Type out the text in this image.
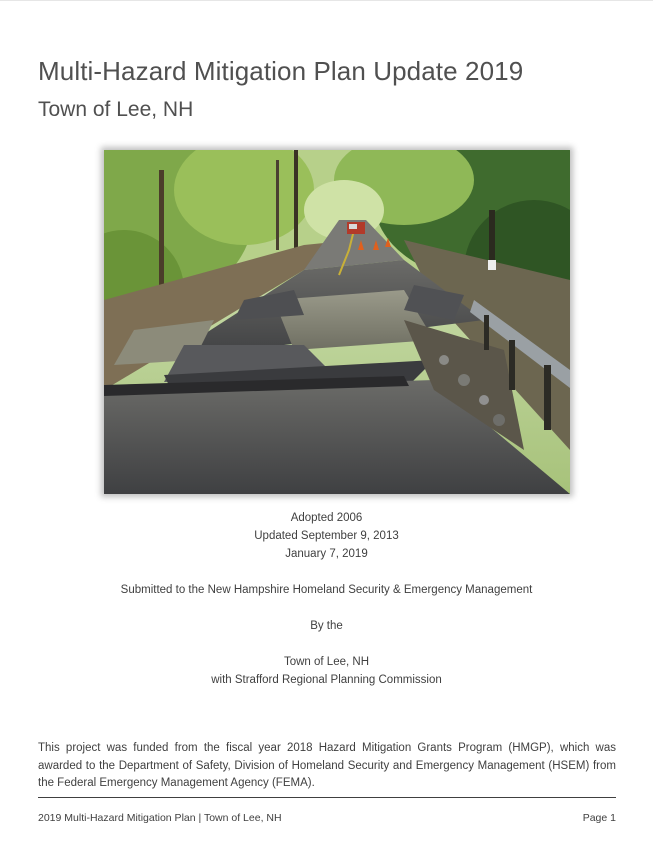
Multi-Hazard Mitigation Plan Update 2019
Town of Lee, NH
Adopted 2006
Updated September 9, 2013
January 7, 2019
Submitted to the New Hampshire Homeland Security & Emergency Management
By the
Town of Lee, NH
with Strafford Regional Planning Commission
This project was funded from the fiscal year 2018 Hazard Mitigation Grants Program (HMGP), which was awarded to the Department of Safety, Division of Homeland Security and Emergency Management (HSEM) from the Federal Emergency Management Agency (FEMA).
2019 Multi-Hazard Mitigation Plan | Town of Lee, NH	Page 1
